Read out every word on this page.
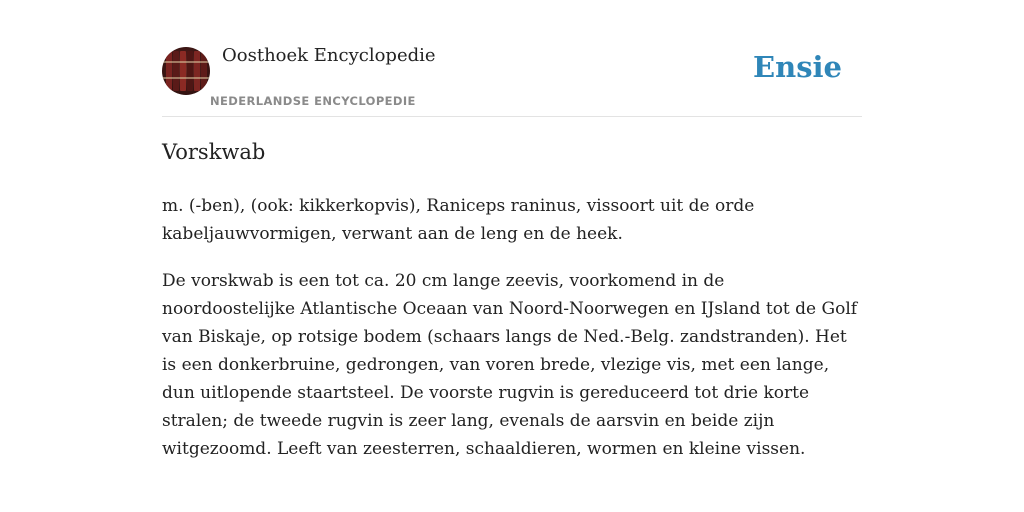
Oosthoek Encyclopedie
NEDERLANDSE ENCYCLOPEDIE
Ensie
Vorskwab

m. (-ben), (ook: kikkerkopvis), Raniceps raninus, vissoort uit de orde kabeljauwvormigen, verwant aan de leng en de heek.

De vorskwab is een tot ca. 20 cm lange zeevis, voorkomend in de noordoostelijke Atlantische Oceaan van Noord-Noorwegen en IJsland tot de Golf van Biskaje, op rotsige bodem (schaars langs de Ned.-Belg. zandstranden). Het is een donkerbruine, gedrongen, van voren brede, vlezige vis, met een lange, dun uitlopende staartsteel. De voorste rugvin is gereduceerd tot drie korte stralen; de tweede rugvin is zeer lang, evenals de aarsvin en beide zijn witgezoomd. Leeft van zeesterren, schaaldieren, wormen en kleine vissen.
